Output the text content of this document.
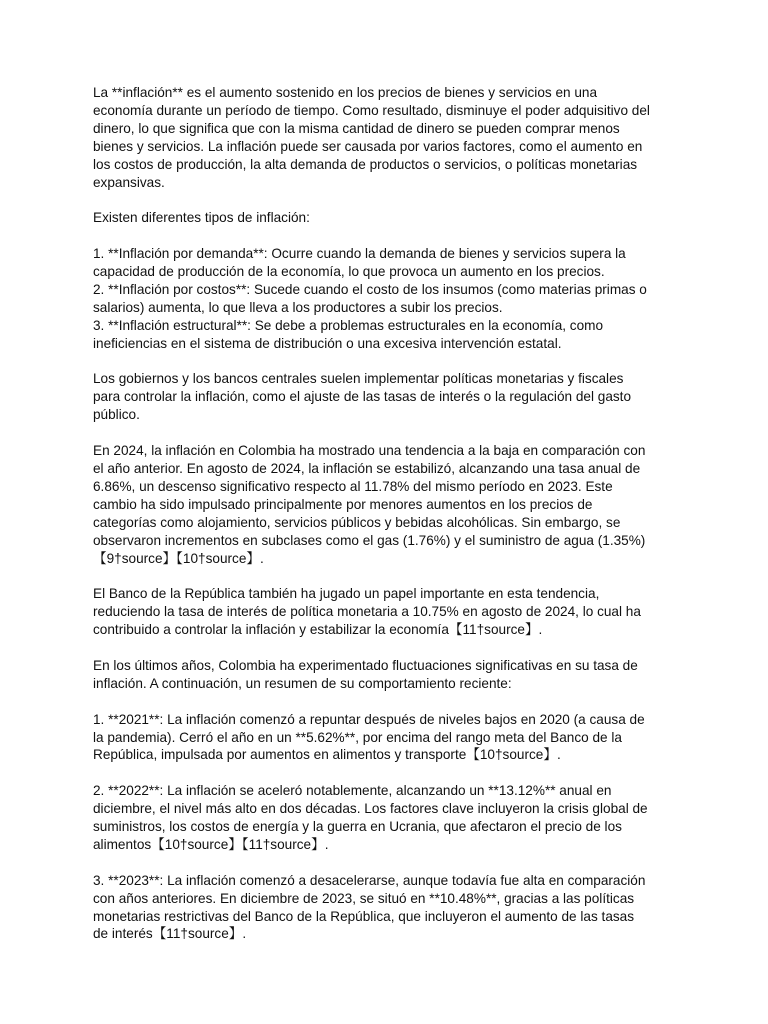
La **inflación** es el aumento sostenido en los precios de bienes y servicios en una
economía durante un período de tiempo. Como resultado, disminuye el poder adquisitivo del
dinero, lo que significa que con la misma cantidad de dinero se pueden comprar menos
bienes y servicios. La inflación puede ser causada por varios factores, como el aumento en
los costos de producción, la alta demanda de productos o servicios, o políticas monetarias
expansivas.

Existen diferentes tipos de inflación:

1. **Inflación por demanda**: Ocurre cuando la demanda de bienes y servicios supera la
capacidad de producción de la economía, lo que provoca un aumento en los precios.
2. **Inflación por costos**: Sucede cuando el costo de los insumos (como materias primas o
salarios) aumenta, lo que lleva a los productores a subir los precios.
3. **Inflación estructural**: Se debe a problemas estructurales en la economía, como
ineficiencias en el sistema de distribución o una excesiva intervención estatal.

Los gobiernos y los bancos centrales suelen implementar políticas monetarias y fiscales
para controlar la inflación, como el ajuste de las tasas de interés o la regulación del gasto
público.

En 2024, la inflación en Colombia ha mostrado una tendencia a la baja en comparación con
el año anterior. En agosto de 2024, la inflación se estabilizó, alcanzando una tasa anual de
6.86%, un descenso significativo respecto al 11.78% del mismo período en 2023. Este
cambio ha sido impulsado principalmente por menores aumentos en los precios de
categorías como alojamiento, servicios públicos y bebidas alcohólicas. Sin embargo, se
observaron incrementos en subclases como el gas (1.76%) y el suministro de agua (1.35%)
【9†source】【10†source】.

El Banco de la República también ha jugado un papel importante en esta tendencia,
reduciendo la tasa de interés de política monetaria a 10.75% en agosto de 2024, lo cual ha
contribuido a controlar la inflación y estabilizar la economía【11†source】.

En los últimos años, Colombia ha experimentado fluctuaciones significativas en su tasa de
inflación. A continuación, un resumen de su comportamiento reciente:

1. **2021**: La inflación comenzó a repuntar después de niveles bajos en 2020 (a causa de
la pandemia). Cerró el año en un **5.62%**, por encima del rango meta del Banco de la
República, impulsada por aumentos en alimentos y transporte【10†source】.

2. **2022**: La inflación se aceleró notablemente, alcanzando un **13.12%** anual en
diciembre, el nivel más alto en dos décadas. Los factores clave incluyeron la crisis global de
suministros, los costos de energía y la guerra en Ucrania, que afectaron el precio de los
alimentos【10†source】【11†source】.

3. **2023**: La inflación comenzó a desacelerarse, aunque todavía fue alta en comparación
con años anteriores. En diciembre de 2023, se situó en **10.48%**, gracias a las políticas
monetarias restrictivas del Banco de la República, que incluyeron el aumento de las tasas
de interés【11†source】.
